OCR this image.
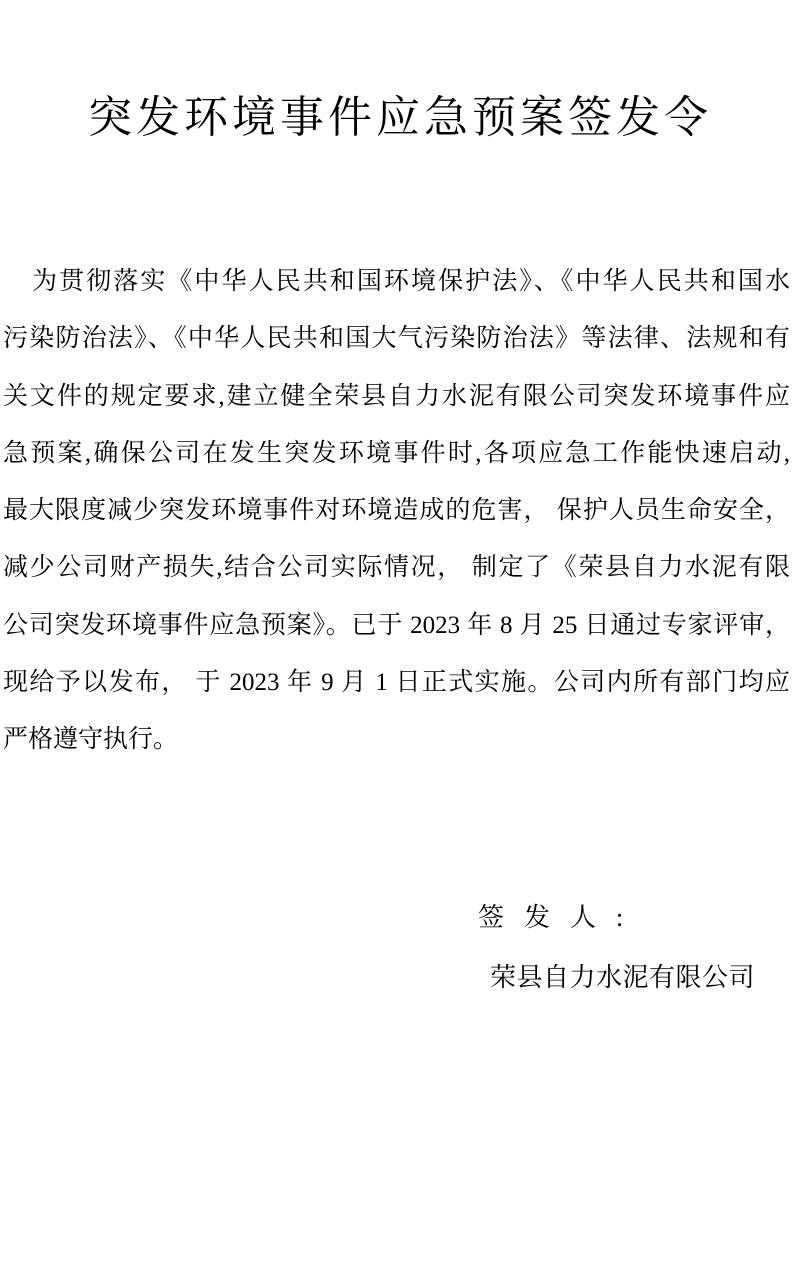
突发环境事件应急预案签发令

为贯彻落实《中华人民共和国环境保护法》、《中华人民共和国水

污染防治法》、《中华人民共和国大气污染防治法》等法律、法规和有

关文件的规定要求,建立健全荣县自力水泥有限公司突发环境事件应

急预案,确保公司在发生突发环境事件时,各项应急工作能快速启动,

最大限度减少突发环境事件对环境造成的危害， 保护人员生命安全，

减少公司财产损失,结合公司实际情况， 制定了《荣县自力水泥有限

公司突发环境事件应急预案》。已于 2023 年 8 月 25 日通过专家评审，

现给予以发布， 于 2023 年 9 月 1 日正式实施。公司内所有部门均应

严格遵守执行。

签发人:
荣县自力水泥有限公司
